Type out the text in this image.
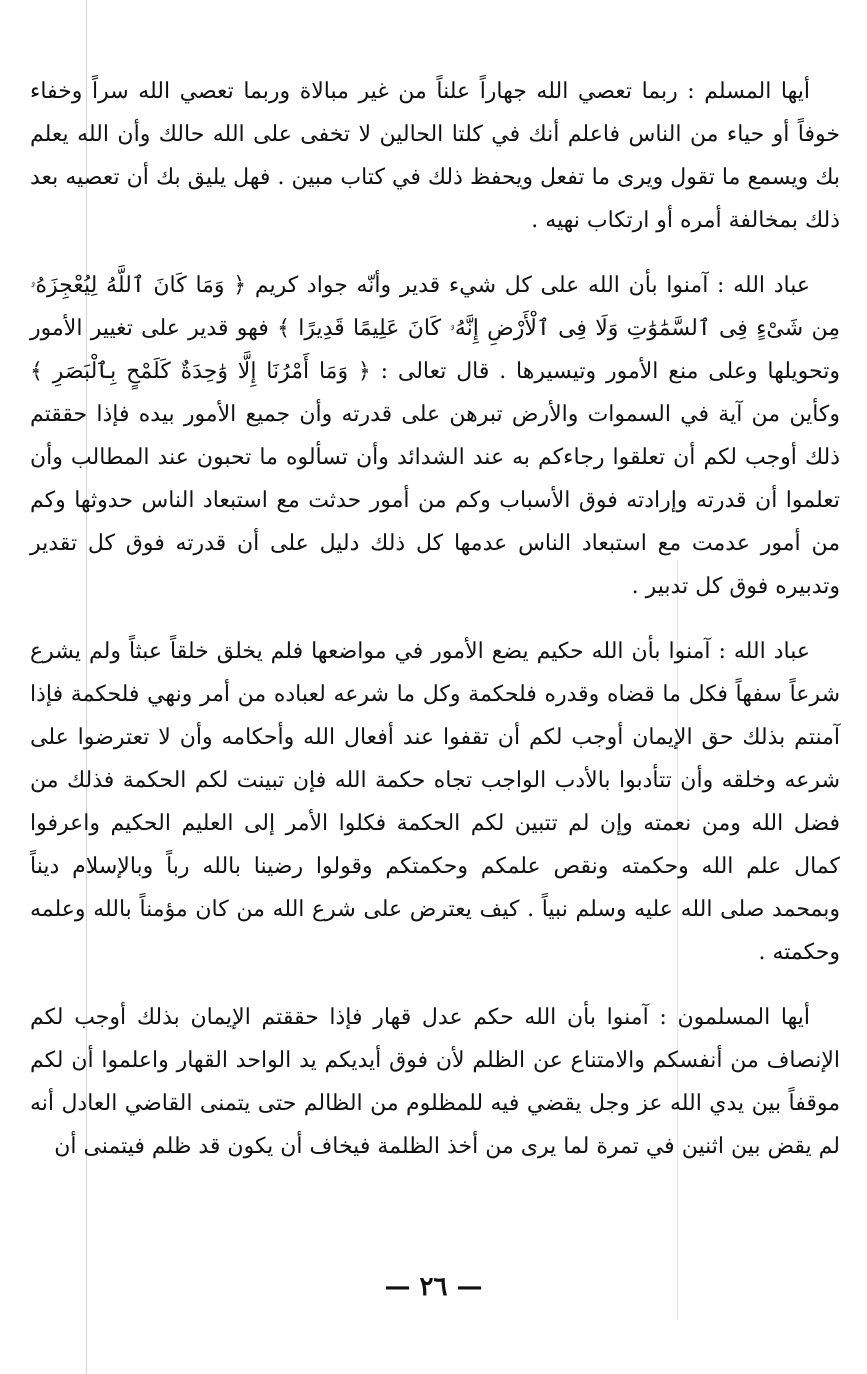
أيها المسلم : ربما تعصي الله جهاراً علناً من غير مبالاة وربما تعصي الله سراً وخفاء خوفاً أو حياء من الناس فاعلم أنك في كلتا الحالين لا تخفى على الله حالك وأن الله يعلم بك ويسمع ما تقول ويرى ما تفعل ويحفظ ذلك في كتاب مبين . فهل يليق بك أن تعصيه بعد ذلك بمخالفة أمره أو ارتكاب نهيه .

عباد الله : آمنوا بأن الله على كل شيء قدير وأنّه جواد كريم ﴿ وَمَا كَانَ ٱللَّهُ لِيُعْجِزَهُۥ مِن شَىْءٍ فِى ٱلسَّمَٰوَٰتِ وَلَا فِى ٱلْأَرْضِ إِنَّهُۥ كَانَ عَلِيمًا قَدِيرًا ﴾ فهو قدير على تغيير الأمور وتحويلها وعلى منع الأمور وتيسيرها . قال تعالى : ﴿ وَمَا أَمْرُنَا إِلَّا وَٰحِدَةٌ كَلَمْحٍ بِٱلْبَصَرِ ﴾ وكأين من آية في السموات والأرض تبرهن على قدرته وأن جميع الأمور بيده فإذا حققتم ذلك أوجب لكم أن تعلقوا رجاءكم به عند الشدائد وأن تسألوه ما تحبون عند المطالب وأن تعلموا أن قدرته وإرادته فوق الأسباب وكم من أمور حدثت مع استبعاد الناس حدوثها وكم من أمور عدمت مع استبعاد الناس عدمها كل ذلك دليل على أن قدرته فوق كل تقدير وتدبيره فوق كل تدبير .

عباد الله : آمنوا بأن الله حكيم يضع الأمور في مواضعها فلم يخلق خلقاً عبثاً ولم يشرع شرعاً سفهاً فكل ما قضاه وقدره فلحكمة وكل ما شرعه لعباده من أمر ونهي فلحكمة فإذا آمنتم بذلك حق الإيمان أوجب لكم أن تقفوا عند أفعال الله وأحكامه وأن لا تعترضوا على شرعه وخلقه وأن تتأدبوا بالأدب الواجب تجاه حكمة الله فإن تبينت لكم الحكمة فذلك من فضل الله ومن نعمته وإن لم تتبين لكم الحكمة فكلوا الأمر إلى العليم الحكيم واعرفوا كمال علم الله وحكمته ونقص علمكم وحكمتكم وقولوا رضينا بالله رباً وبالإسلام ديناً وبمحمد صلى الله عليه وسلم نبياً . كيف يعترض على شرع الله من كان مؤمناً بالله وعلمه وحكمته .

أيها المسلمون : آمنوا بأن الله حكم عدل قهار فإذا حققتم الإيمان بذلك أوجب لكم الإنصاف من أنفسكم والامتناع عن الظلم لأن فوق أيديكم يد الواحد القهار واعلموا أن لكم موقفاً بين يدي الله عز وجل يقضي فيه للمظلوم من الظالم حتى يتمنى القاضي العادل أنه لم يقض بين اثنين في تمرة لما يرى من أخذ الظلمة فيخاف أن يكون قد ظلم فيتمنى أن

— ٢٦ —
